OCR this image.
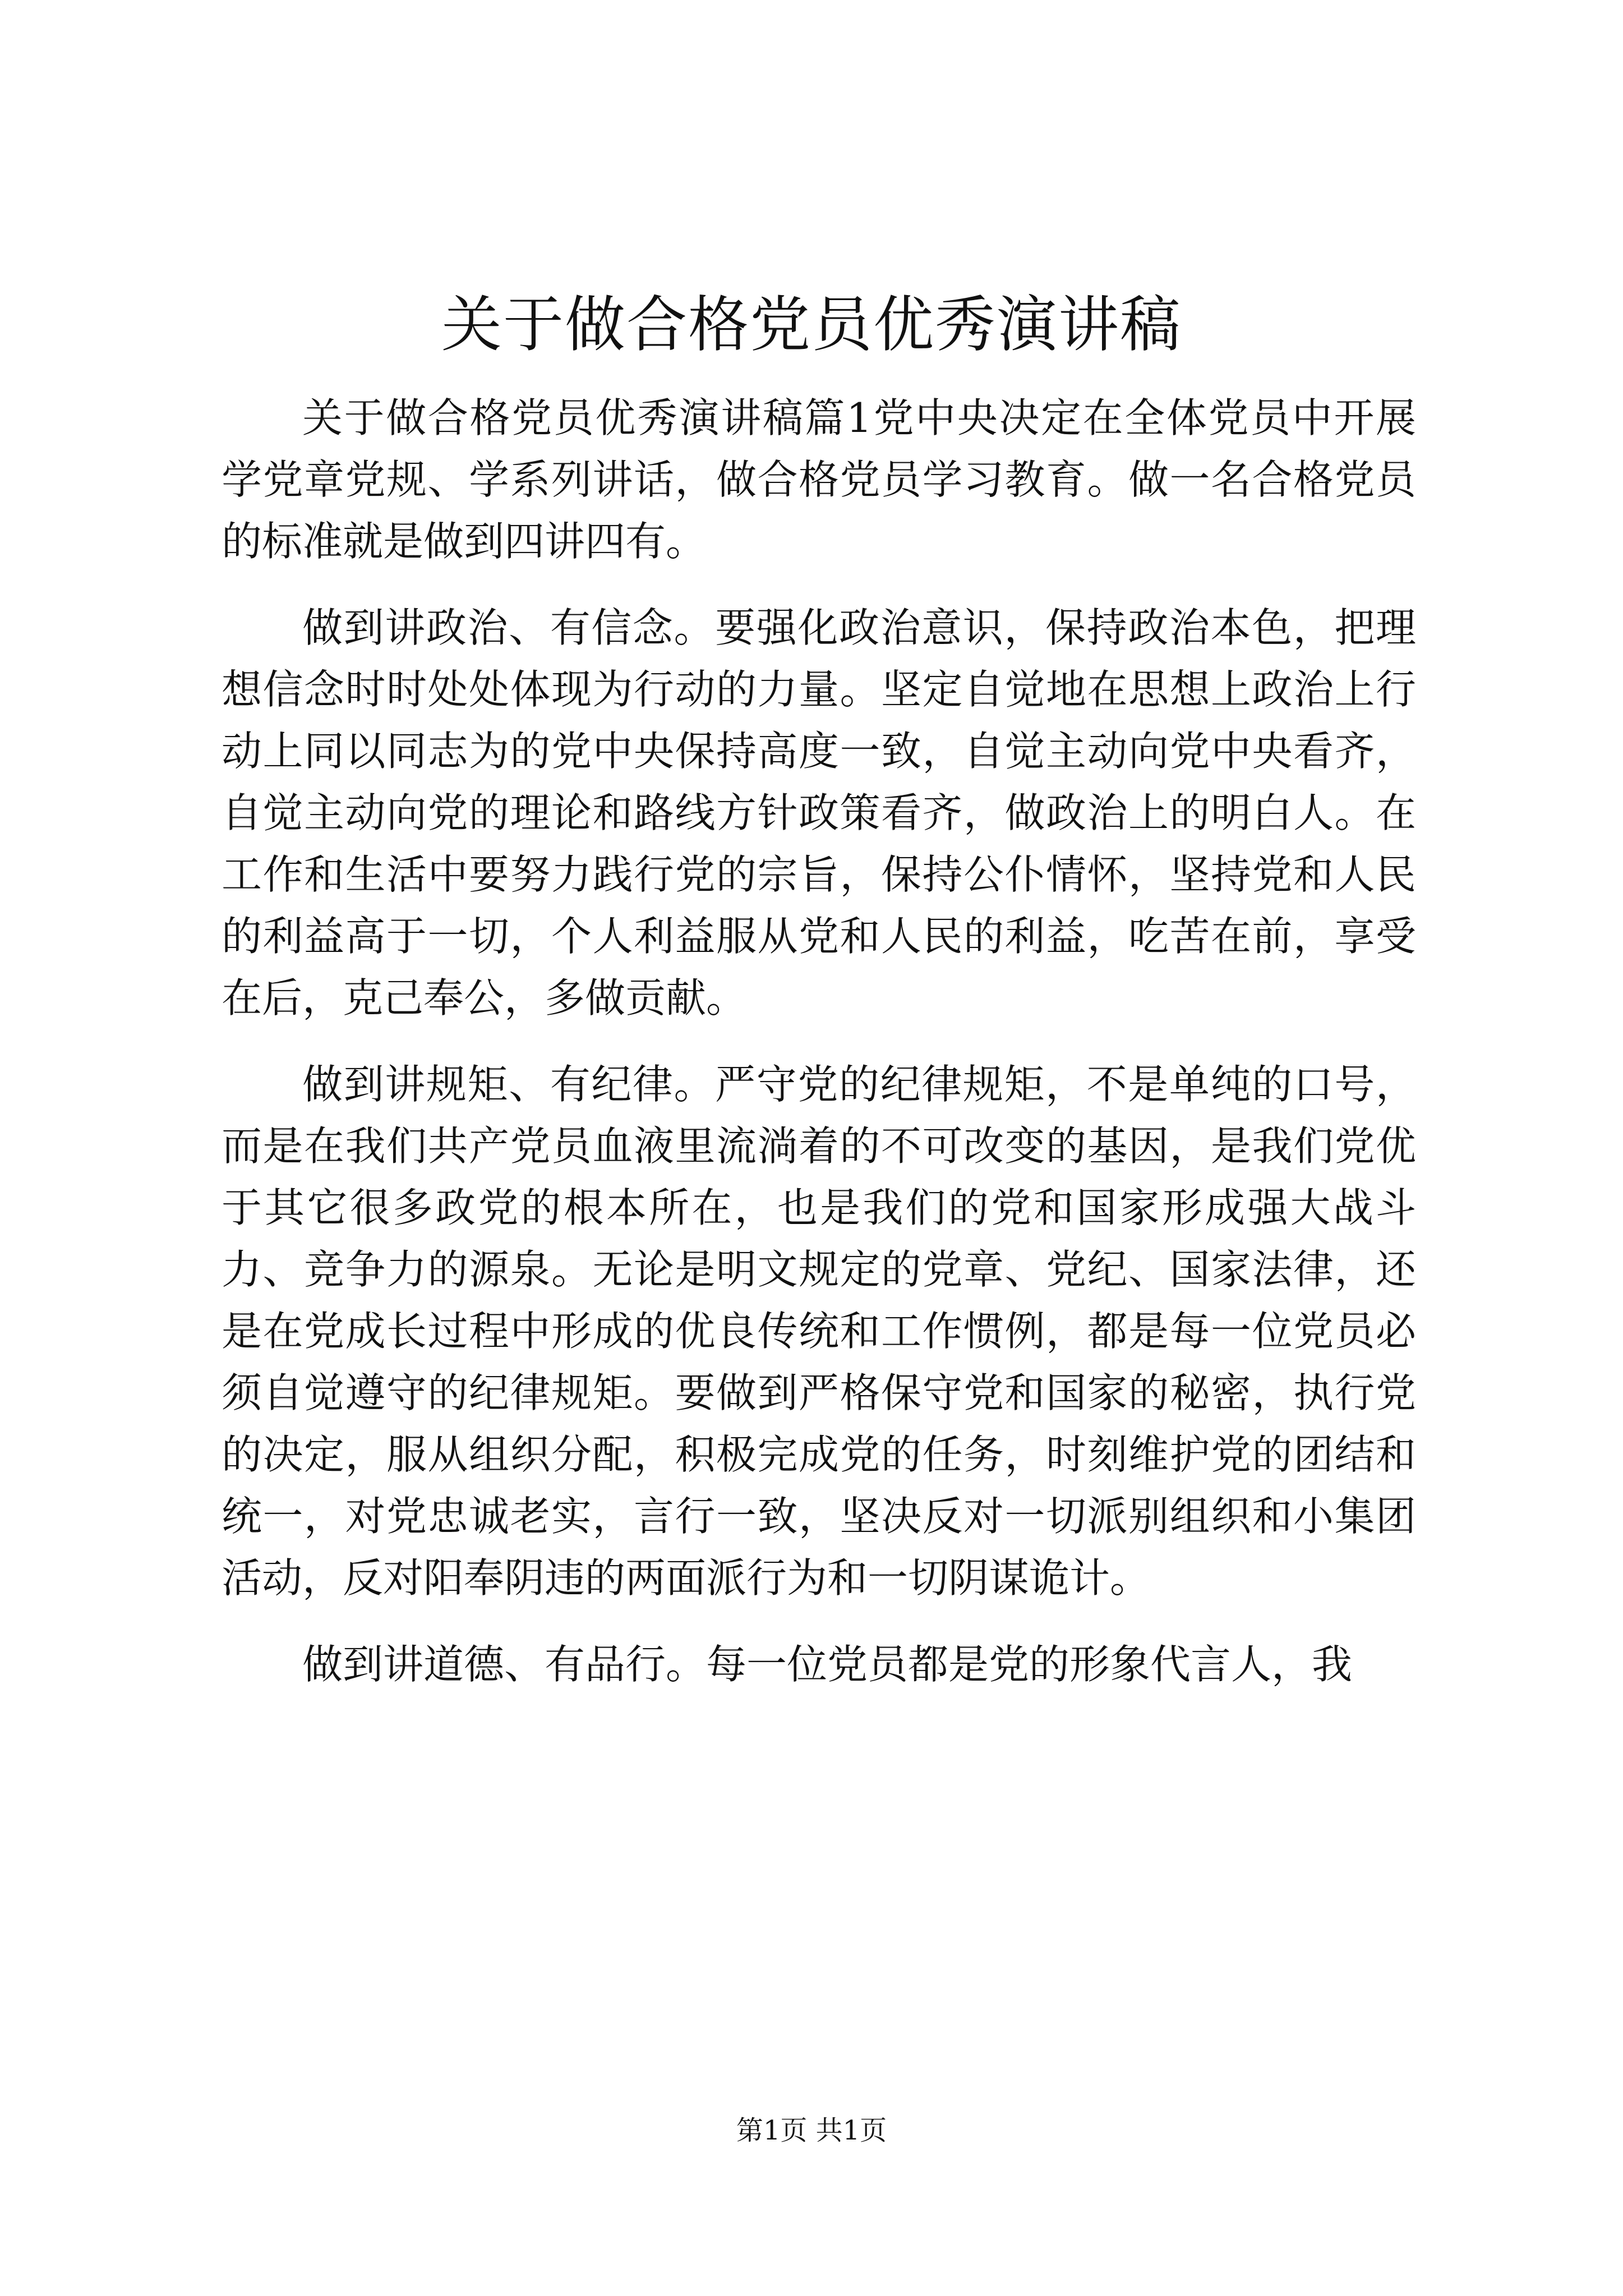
关于做合格党员优秀演讲稿

关于做合格党员优秀演讲稿篇1党中央决定在全体党员中开展学党章党规、学系列讲话，做合格党员学习教育。做一名合格党员的标准就是做到四讲四有。

做到讲政治、有信念。要强化政治意识，保持政治本色，把理想信念时时处处体现为行动的力量。坚定自觉地在思想上政治上行动上同以同志为的党中央保持高度一致，自觉主动向党中央看齐，自觉主动向党的理论和路线方针政策看齐，做政治上的明白人。在工作和生活中要努力践行党的宗旨，保持公仆情怀，坚持党和人民的利益高于一切，个人利益服从党和人民的利益，吃苦在前，享受在后，克己奉公，多做贡献。

做到讲规矩、有纪律。严守党的纪律规矩，不是单纯的口号，而是在我们共产党员血液里流淌着的不可改变的基因，是我们党优于其它很多政党的根本所在，也是我们的党和国家形成强大战斗力、竞争力的源泉。无论是明文规定的党章、党纪、国家法律，还是在党成长过程中形成的优良传统和工作惯例，都是每一位党员必须自觉遵守的纪律规矩。要做到严格保守党和国家的秘密，执行党的决定，服从组织分配，积极完成党的任务，时刻维护党的团结和统一，对党忠诚老实，言行一致，坚决反对一切派别组织和小集团活动，反对阳奉阴违的两面派行为和一切阴谋诡计。

做到讲道德、有品行。每一位党员都是党的形象代言人，我

第1页 共1页
